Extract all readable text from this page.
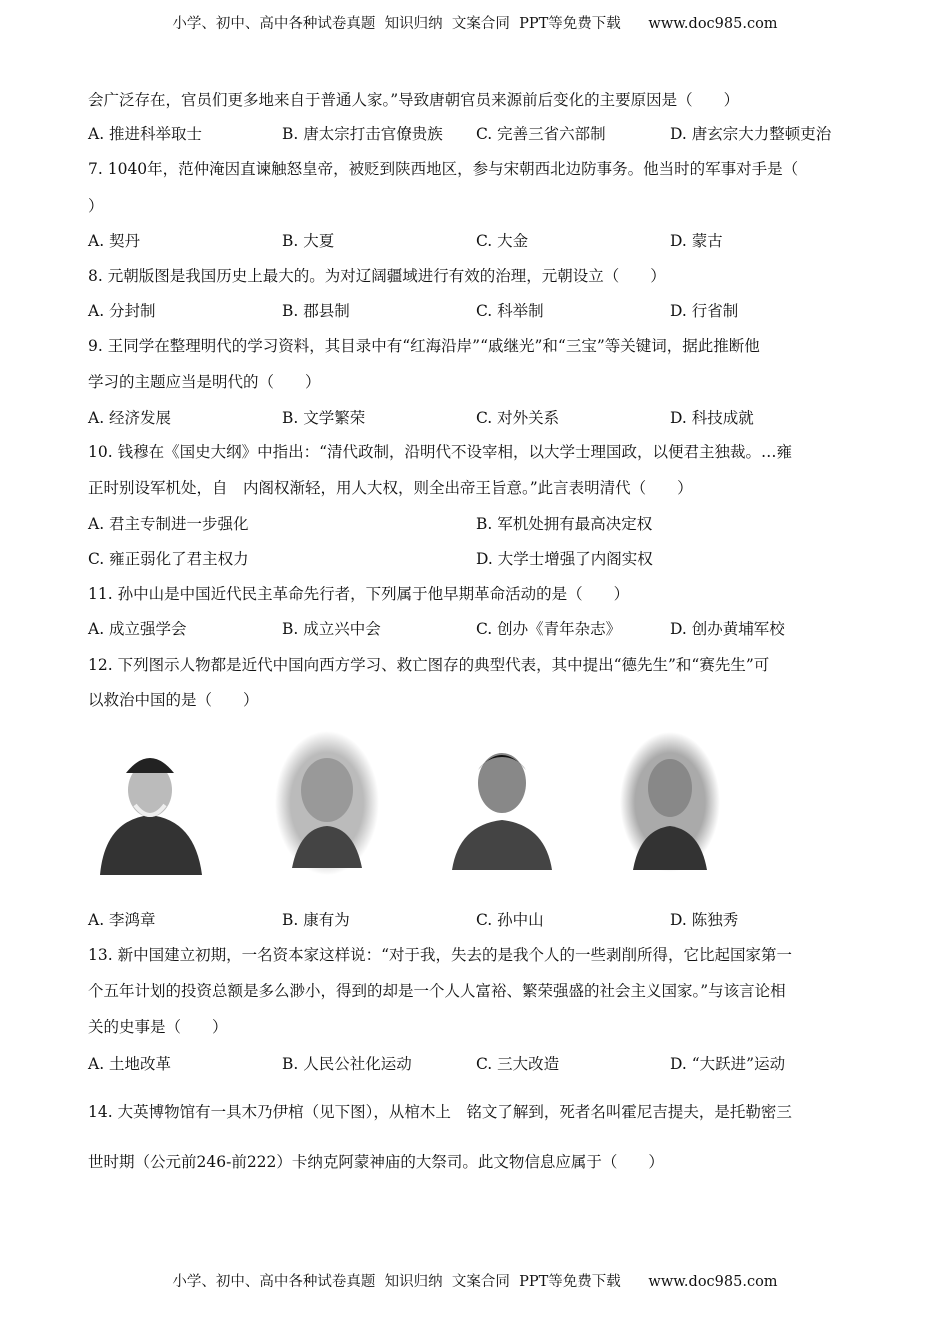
小学、初中、高中各种试卷真题  知识归纳  文案合同  PPT等免费下载      www.doc985.com
会广泛存在，官员们更多地来自于普通人家。”导致唐朝官员来源前后变化的主要原因是（　　）
A. 推进科举取士	B. 唐太宗打击官僚贵族 C. 完善三省六部制	D. 唐玄宗大力整顿吏治
7. 1040年，范仲淹因直谏触怒皇帝，被贬到陕西地区，参与宋朝西北边防事务。他当时的军事对手是（
）
A. 契丹	B. 大夏	C. 大金	D. 蒙古
8. 元朝版图是我国历史上最大的。为对辽阔疆域进行有效的治理，元朝设立（　　）
A. 分封制	B. 郡县制	C. 科举制	D. 行省制
9. 王同学在整理明代的学习资料，其目录中有“红海沿岸”“戚继光”和“三宝”等关键词，据此推断他
学习的主题应当是明代的（　　）
A. 经济发展	B. 文学繁荣	C. 对外关系	D. 科技成就
10. 钱穆在《国史大纲》中指出：“清代政制，沿明代不设宰相，以大学士理国政，以便君主独裁。…雍
正时别设军机处，自　内阁权渐轻，用人大权，则全出帝王旨意。”此言表明清代（　　）
A. 君主专制进一步强化	B. 军机处拥有最高决定权
C. 雍正弱化了君主权力	D. 大学士增强了内阁实权
11. 孙中山是中国近代民主革命先行者，下列属于他早期革命活动的是（　　）
A. 成立强学会	B. 成立兴中会	C. 创办《青年杂志》	D. 创办黄埔军校
12. 下列图示人物都是近代中国向西方学习、救亡图存的典型代表，其中提出“德先生”和“赛先生”可
以救治中国的是（　　）
A. 李鸿章	B. 康有为	C. 孙中山	D. 陈独秀
13. 新中国建立初期，一名资本家这样说：“对于我，失去的是我个人的一些剥削所得，它比起国家第一
个五年计划的投资总额是多么渺小，得到的却是一个人人富裕、繁荣强盛的社会主义国家。”与该言论相
关的史事是（　　）
A. 土地改革	B. 人民公社化运动	C. 三大改造	D. “大跃进”运动
14. 大英博物馆有一具木乃伊棺（见下图），从棺木上　铭文了解到，死者名叫霍尼吉提夫，是托勒密三
世时期（公元前246-前222）卡纳克阿蒙神庙的大祭司。此文物信息应属于（　　）
小学、初中、高中各种试卷真题  知识归纳  文案合同  PPT等免费下载      www.doc985.com
